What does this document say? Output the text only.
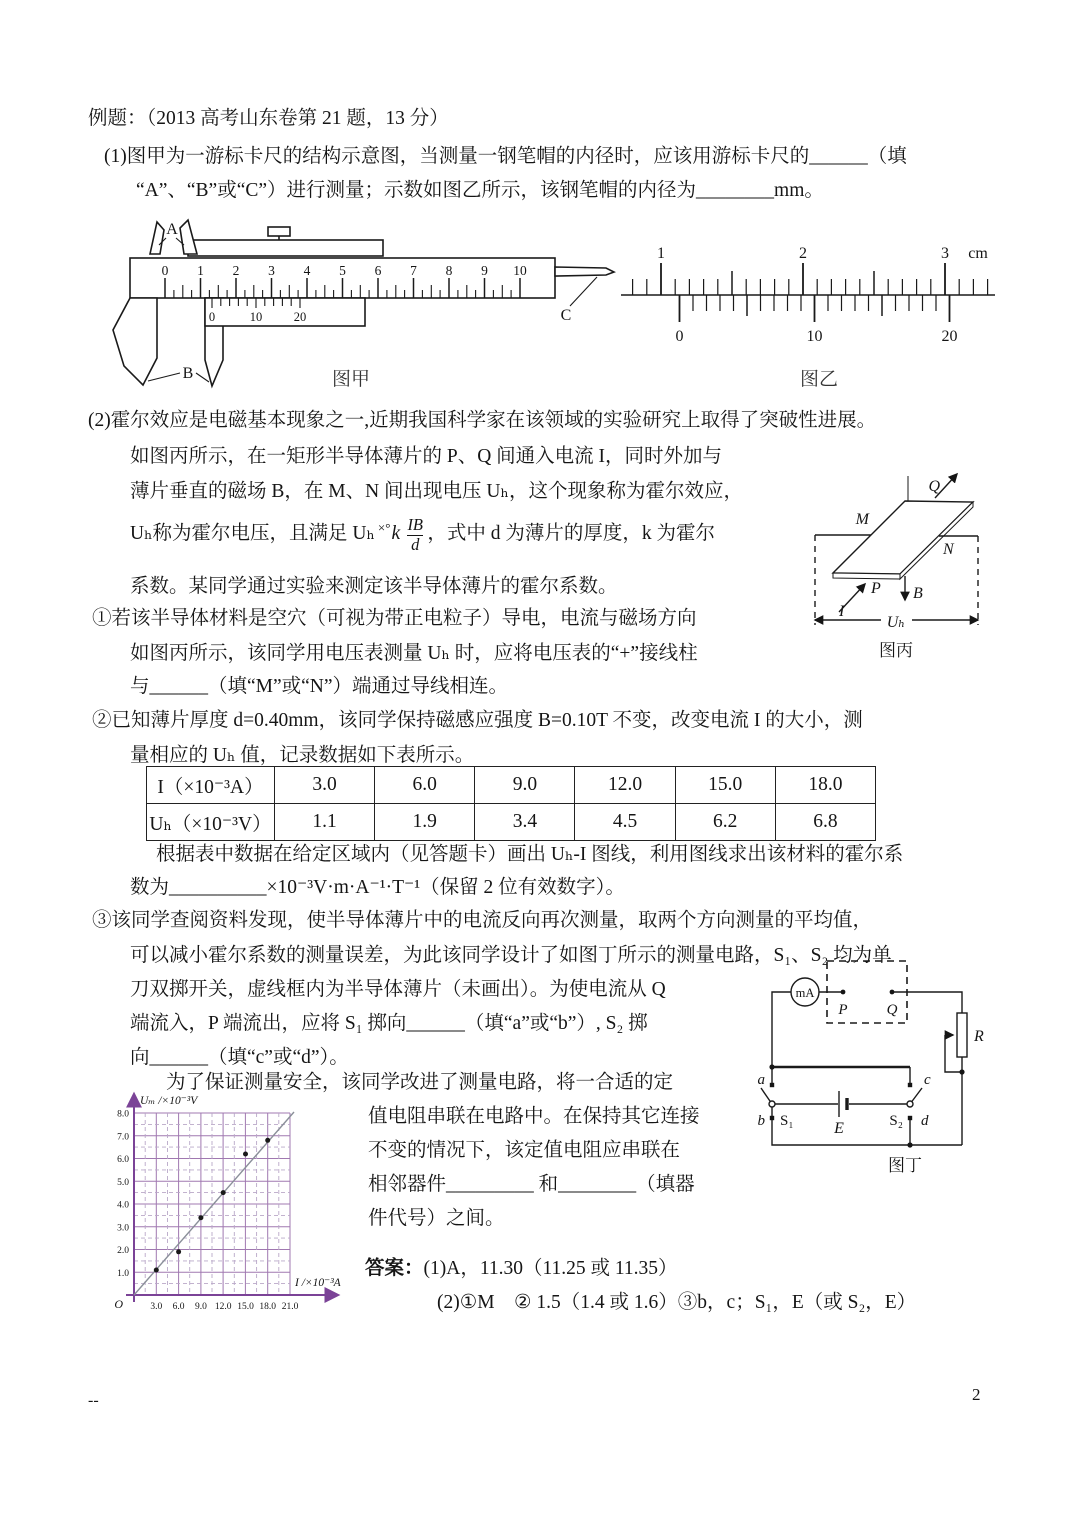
例题：（2013 高考山东卷第 21 题，13 分）
(1)图甲为一游标卡尺的结构示意图，当测量一钢笔帽的内径时，应该用游标卡尺的______（填
“A”、“B”或“C”）进行测量；示数如图乙所示，该钢笔帽的内径为________mm。
0 1 2 3 4 5 6 7 8 9 10
0	10	20
A
B
C
1	2	3 cm
0	10	20
图甲	图乙
(2)霍尔效应是电磁基本现象之一,近期我国科学家在该领域的实验研究上取得了突破性进展。
如图丙所示，在一矩形半导体薄片的 P、Q 间通入电流 I，同时外加与
薄片垂直的磁场 B，在 M、N 间出现电压 Uₕ，这个现象称为霍尔效应，
Uₕ称为霍尔电压，且满足 Uₕ ×° k $\frac{IB}{d}$ ，式中 d 为薄片的厚度，k 为霍尔
系数。某同学通过实验来测定该半导体薄片的霍尔系数。
①若该半导体材料是空穴（可视为带正电粒子）导电，电流与磁场方向
如图丙所示，该同学用电压表测量 Uₕ 时，应将电压表的“+”接线柱
与______（填“M”或“N”）端通过导线相连。
②已知薄片厚度 d=0.40mm，该同学保持磁感应强度 B=0.10T 不变，改变电流 I 的大小，测
量相应的 Uₕ 值，记录数据如下表所示。
Q
M
N
P
I
B
Uₕ
图丙
I（×10⁻³A）	3.0	6.0	9.0	12.0	15.0	18.0
Uₕ（×10⁻³V）	1.1	1.9	3.4	4.5	6.2	6.8
根据表中数据在给定区域内（见答题卡）画出 Uₕ-I 图线，利用图线求出该材料的霍尔系
数为__________×10⁻³V·m·A⁻¹·T⁻¹（保留 2 位有效数字）。
③该同学查阅资料发现，使半导体薄片中的电流反向再次测量，取两个方向测量的平均值，
可以减小霍尔系数的测量误差，为此该同学设计了如图丁所示的测量电路，S₁、S₂ 均为单
刀双掷开关，虚线框内为半导体薄片（未画出）。为使电流从 Q
端流入，P 端流出，应将 S₁ 掷向______（填“a”或“b”）, S₂ 掷
向______（填“c”或“d”）。
为了保证测量安全，该同学改进了测量电路，将一合适的定
值电阻串联在电路中。在保持其它连接
不变的情况下，该定值电阻应串联在
相邻器件_________ 和________（填器
件代号）之间。
mA
P	Q
R
a
b
c
d
S₁	S₂
E
图丁
1.0
2.0
3.0
4.0
5.0
6.0
7.0
8.0
3.0 6.0 9.0 12.0 15.0 18.0 21.0
Uₘ /×10⁻³V
I /×10⁻³A
O
答案：(1)A，11.30（11.25 或 11.35）
(2)①M　② 1.5（1.4 或 1.6）③b，c；S₁，E（或 S₂，E）
--	2
